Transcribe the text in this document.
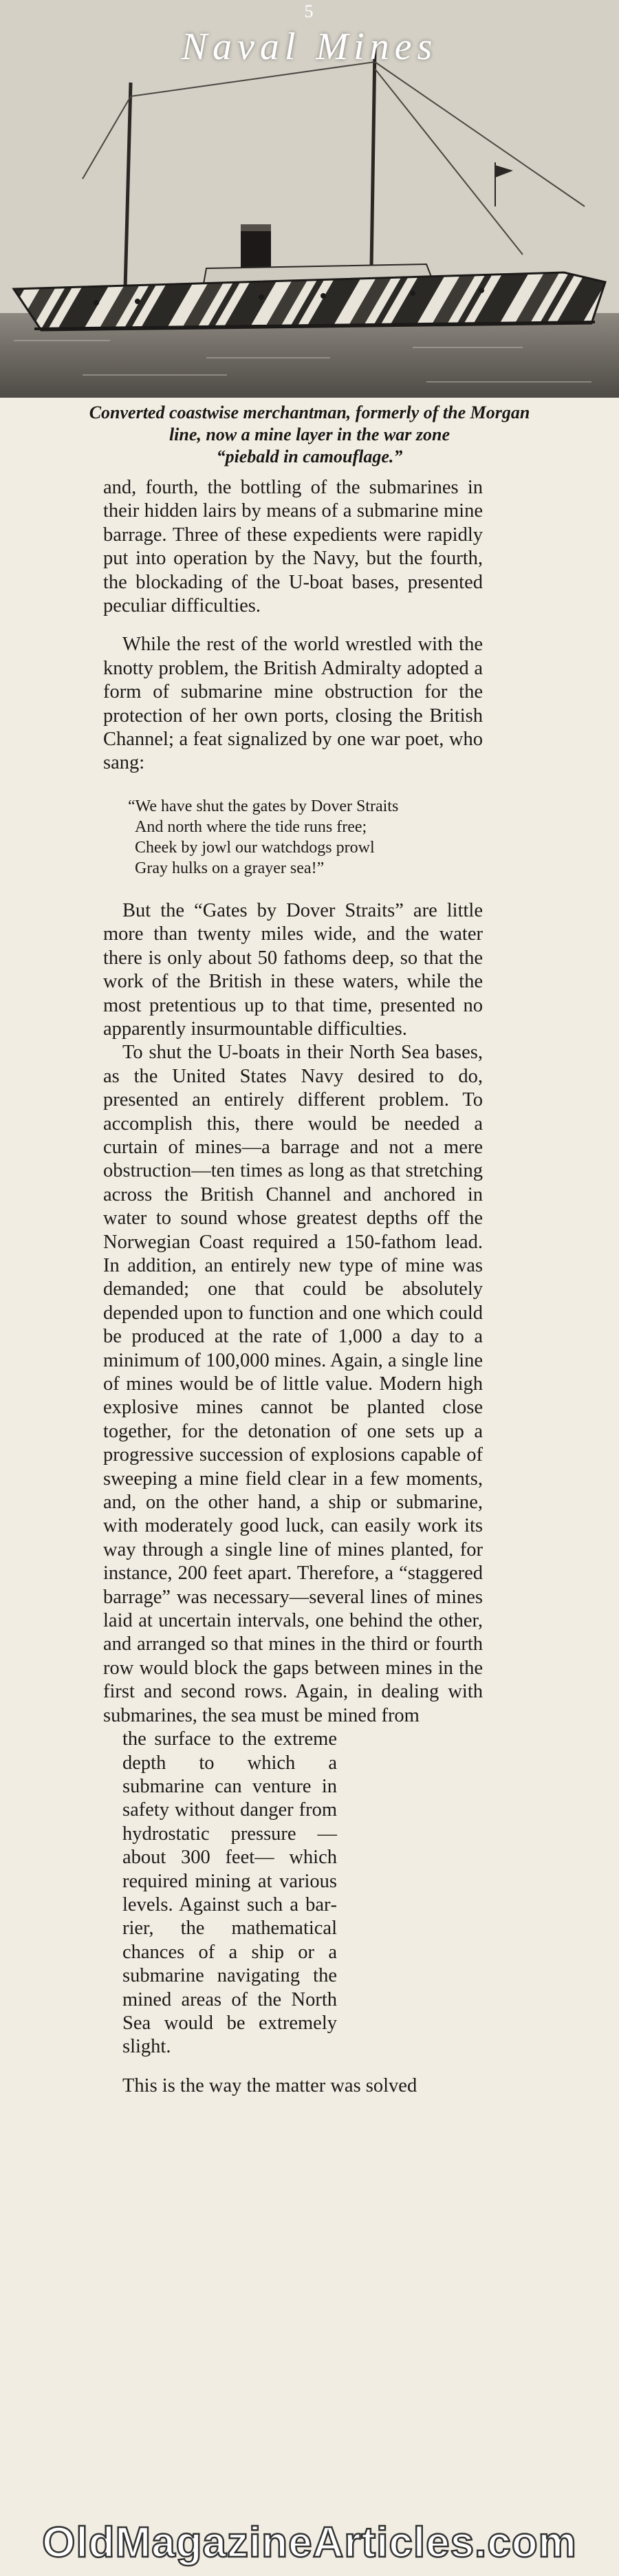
5
Naval Mines
Converted coastwise merchantman, formerly of the Morgan
line, now a mine layer in the war zone
“piebald in camouflage.”

and, fourth, the bottling of the submarines in their hidden lairs by means of a submarine mine barrage. Three of these expedients were rapidly put into operation by the Navy, but the fourth, the blockading of the U-boat bases, presented peculiar difficulties.

While the rest of the world wrestled with the knotty problem, the British Admiralty adopted a form of submarine mine obstruction for the protection of her own ports, closing the British Channel; a feat signalized by one war poet, who sang:

“We have shut the gates by Dover Straits
And north where the tide runs free;
Cheek by jowl our watchdogs prowl
Gray hulks on a grayer sea!”

But the “Gates by Dover Straits” are little more than twenty miles wide, and the water there is only about 50 fathoms deep, so that the work of the British in these waters, while the most pretentious up to that time, presented no apparently insurmountable difficulties.

To shut the U-boats in their North Sea bases, as the United States Navy desired to do, presented an entirely different problem. To accomplish this, there would be needed a curtain of mines—a barrage and not a mere obstruction—ten times as long as that stretching across the British Channel and anchored in water to sound whose greatest depths off the Norwegian Coast required a 150-fathom lead. In addition, an entirely new type of mine was demanded; one that could be absolutely depended upon to function and one which could be produced at the rate of 1,000 a day to a minimum of 100,000 mines. Again, a single line of mines would be of little value. Modern high explosive mines cannot be planted close together, for the detonation of one sets up a progressive succession of explosions capable of sweeping a mine field clear in a few moments, and, on the other hand, a ship or submarine, with moderately good luck, can easily work its way through a single line of mines planted, for instance, 200 feet apart. Therefore, a “staggered barrage” was necessary—several lines of mines laid at uncertain intervals, one behind the other, and arranged so that mines in the third or fourth row would block the gaps between mines in the first and second rows. Again, in dealing with submarines, the sea must be mined from

the surface to the extreme depth to which a submarine can venture in safety without danger from hydrostatic pressure —about 300 feet— which required mining at various levels. Against such a barrier, the mathematical chances of a ship or a submarine navigating the mined areas of the North Sea would be extremely slight.

This is the way the matter was solved

OldMagazineArticles.com
